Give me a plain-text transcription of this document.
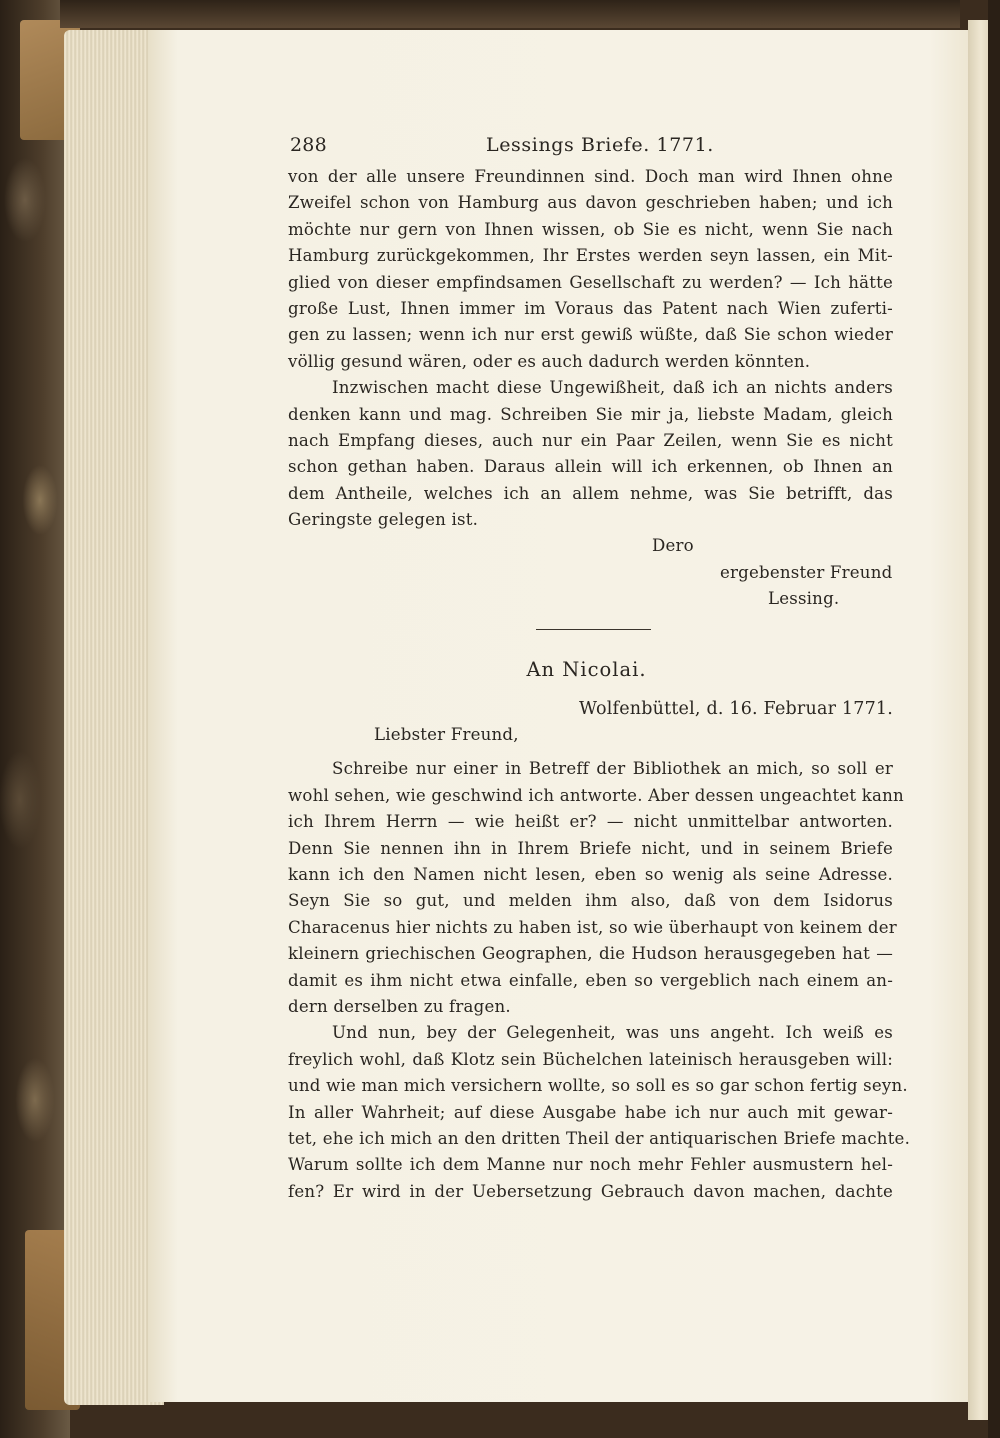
288	Lessings Briefe. 1771.
von der alle unsere Freundinnen sind. Doch man wird Ihnen ohne
Zweifel schon von Hamburg aus davon geschrieben haben; und ich
möchte nur gern von Ihnen wissen, ob Sie es nicht, wenn Sie nach
Hamburg zurückgekommen, Ihr Erstes werden seyn lassen, ein Mit-
glied von dieser empfindsamen Gesellschaft zu werden? — Ich hätte
große Lust, Ihnen immer im Voraus das Patent nach Wien zuferti-
gen zu lassen; wenn ich nur erst gewiß wüßte, daß Sie schon wieder
völlig gesund wären, oder es auch dadurch werden könnten.
Inzwischen macht diese Ungewißheit, daß ich an nichts anders
denken kann und mag. Schreiben Sie mir ja, liebste Madam, gleich
nach Empfang dieses, auch nur ein Paar Zeilen, wenn Sie es nicht
schon gethan haben. Daraus allein will ich erkennen, ob Ihnen an
dem Antheile, welches ich an allem nehme, was Sie betrifft, das
Geringste gelegen ist.
Dero
ergebenster Freund
Lessing.
An Nicolai.
Wolfenbüttel, d. 16. Februar 1771.
Liebster Freund,
Schreibe nur einer in Betreff der Bibliothek an mich, so soll er
wohl sehen, wie geschwind ich antworte. Aber dessen ungeachtet kann
ich Ihrem Herrn — wie heißt er? — nicht unmittelbar antworten.
Denn Sie nennen ihn in Ihrem Briefe nicht, und in seinem Briefe
kann ich den Namen nicht lesen, eben so wenig als seine Adresse.
Seyn Sie so gut, und melden ihm also, daß von dem Isidorus
Characenus hier nichts zu haben ist, so wie überhaupt von keinem der
kleinern griechischen Geographen, die Hudson herausgegeben hat —
damit es ihm nicht etwa einfalle, eben so vergeblich nach einem an-
dern derselben zu fragen.
Und nun, bey der Gelegenheit, was uns angeht. Ich weiß es
freylich wohl, daß Klotz sein Büchelchen lateinisch herausgeben will:
und wie man mich versichern wollte, so soll es so gar schon fertig seyn.
In aller Wahrheit; auf diese Ausgabe habe ich nur auch mit gewar-
tet, ehe ich mich an den dritten Theil der antiquarischen Briefe machte.
Warum sollte ich dem Manne nur noch mehr Fehler ausmustern hel-
fen? Er wird in der Uebersetzung Gebrauch davon machen, dachte
